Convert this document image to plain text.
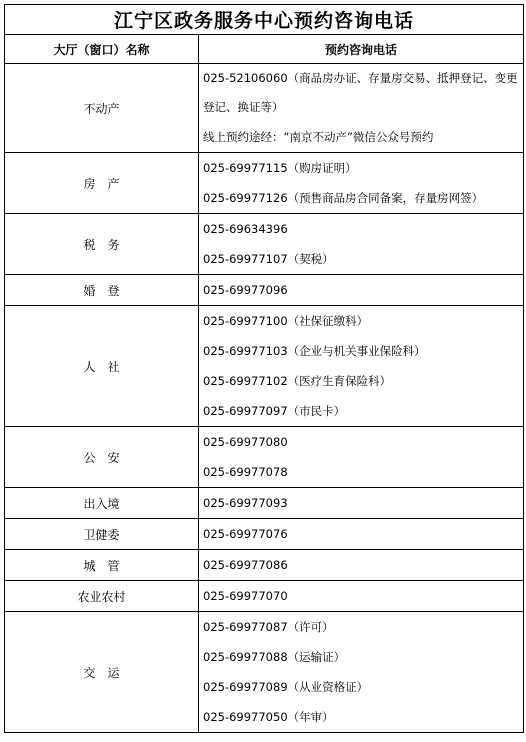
江宁区政务服务中心预约咨询电话	
大厅（窗口）名称	预约咨询电话
不动产	025-52106060（商品房办证、存量房交易、抵押登记、变更登记、换证等）
线上预约途经：“南京不动产”微信公众号预约

房　产	025-69977115（购房证明）
025-69977126（预售商品房合同备案，存量房网签）

税　务	025-69634396
025-69977107（契税）

婚　登	025-69977096

人　社	025-69977100（社保征缴科）
025-69977103（企业与机关事业保险科）
025-69977102（医疗生育保险科）
025-69977097（市民卡）

公　安	025-69977080
025-69977078

出入境	025-69977093

卫健委	025-69977076

城　管	025-69977086

农业农村	025-69977070

交　运	025-69977087（许可）
025-69977088（运输证）
025-69977089（从业资格证）
025-69977050（年审）
